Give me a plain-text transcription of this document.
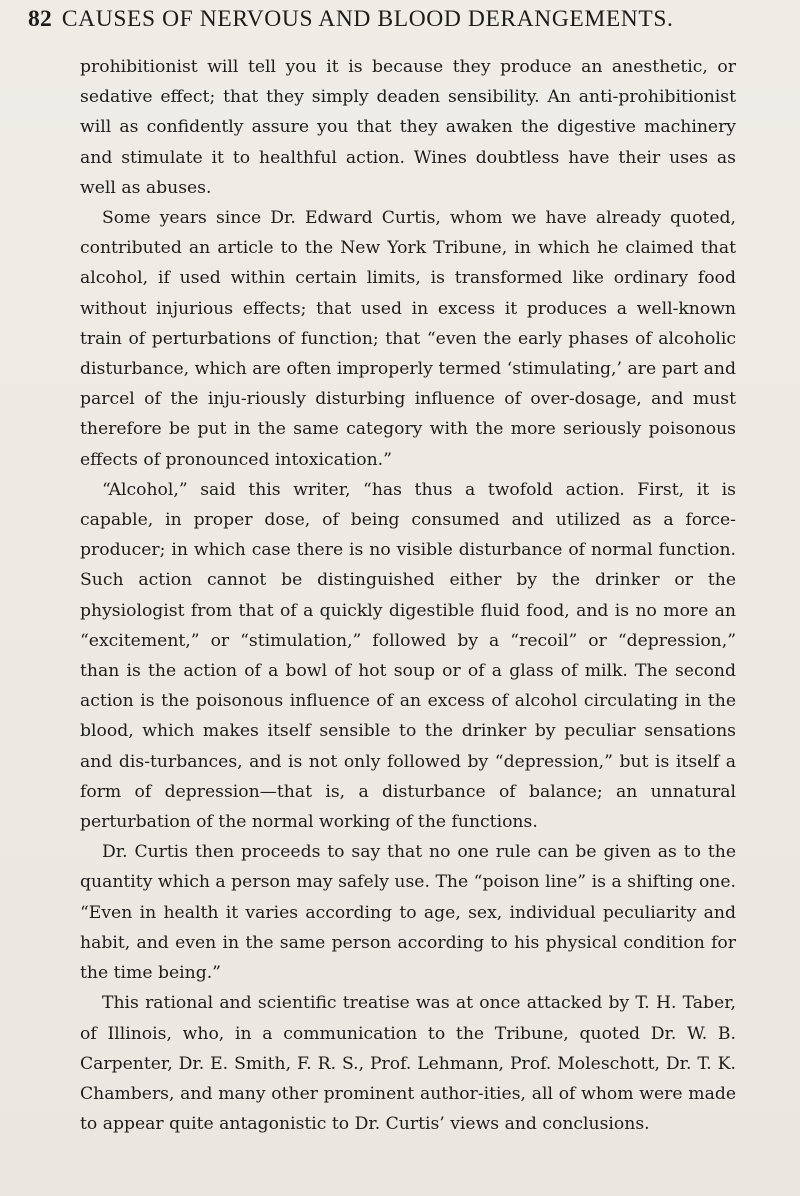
82 CAUSES OF NERVOUS AND BLOOD DERANGEMENTS.

prohibitionist will tell you it is because they produce an anesthetic, or sedative effect; that they simply deaden sensibility. An anti-prohibitionist will as confidently assure you that they awaken the digestive machinery and stimulate it to healthful action. Wines doubtless have their uses as well as abuses.

Some years since Dr. Edward Curtis, whom we have already quoted, contributed an article to the New York Tribune, in which he claimed that alcohol, if used within certain limits, is transformed like ordinary food without injurious effects; that used in excess it produces a well-known train of perturbations of function; that “even the early phases of alcoholic disturbance, which are often improperly termed ‘stimulating,’ are part and parcel of the inju-riously disturbing influence of over-dosage, and must therefore be put in the same category with the more seriously poisonous effects of pronounced intoxication.”

“Alcohol,” said this writer, “has thus a twofold action. First, it is capable, in proper dose, of being consumed and utilized as a force-producer; in which case there is no visible disturbance of normal function. Such action cannot be distinguished either by the drinker or the physiologist from that of a quickly digestible fluid food, and is no more an “excitement,” or “stimulation,” followed by a “recoil” or “depression,” than is the action of a bowl of hot soup or of a glass of milk. The second action is the poisonous influence of an excess of alcohol circulating in the blood, which makes itself sensible to the drinker by peculiar sensations and dis-turbances, and is not only followed by “depression,” but is itself a form of depression—that is, a disturbance of balance; an unnatural perturbation of the normal working of the functions.

Dr. Curtis then proceeds to say that no one rule can be given as to the quantity which a person may safely use. The “poison line” is a shifting one. “Even in health it varies according to age, sex, individual peculiarity and habit, and even in the same person according to his physical condition for the time being.”

This rational and scientific treatise was at once attacked by T. H. Taber, of Illinois, who, in a communication to the Tribune, quoted Dr. W. B. Carpenter, Dr. E. Smith, F. R. S., Prof. Lehmann, Prof. Moleschott, Dr. T. K. Chambers, and many other prominent author-ities, all of whom were made to appear quite antagonistic to Dr. Curtis’ views and conclusions.
